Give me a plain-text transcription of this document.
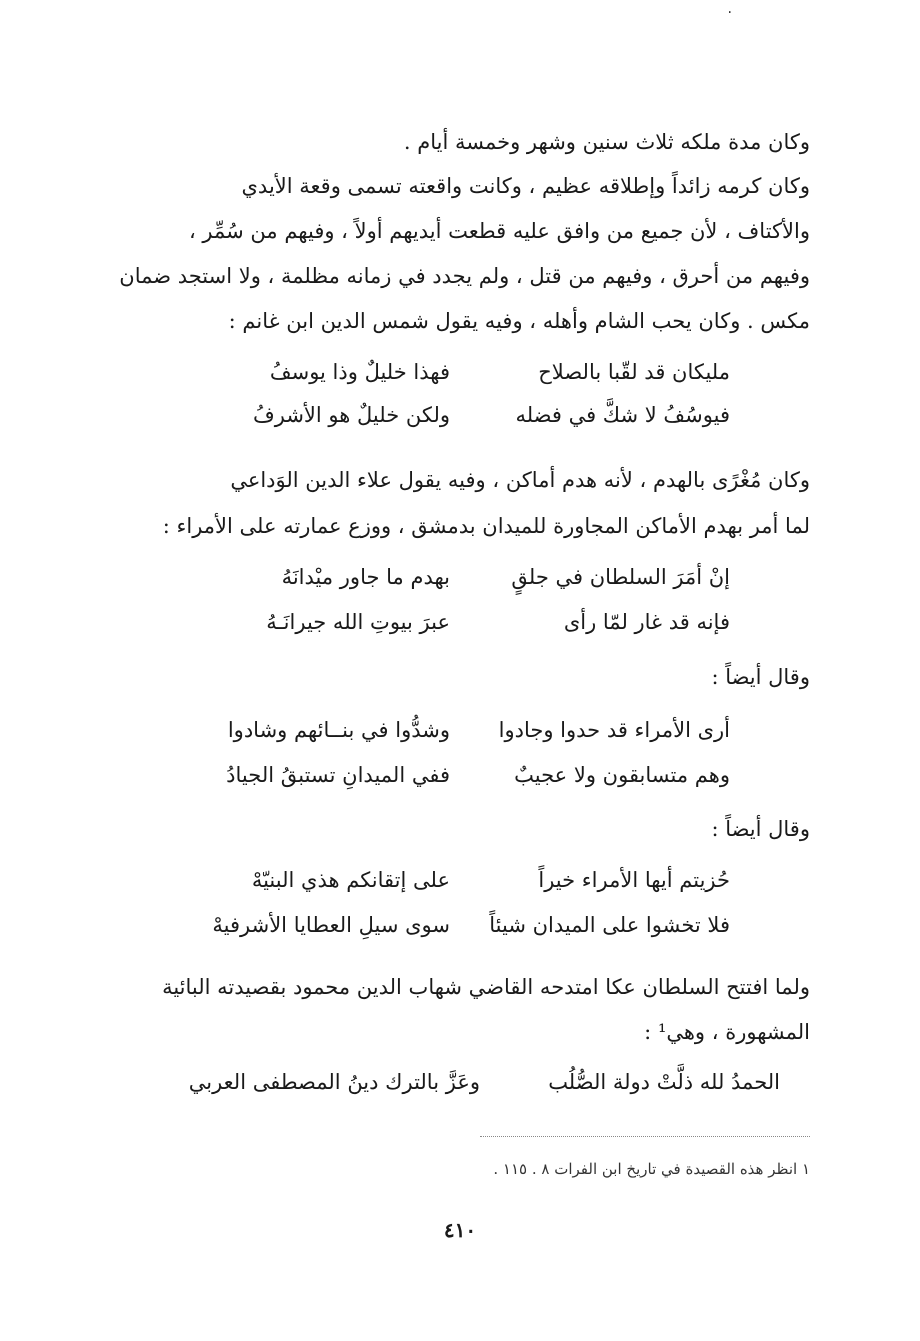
٠
وكان مدة ملكه ثلاث سنين وشهر وخمسة أيام .
وكان كرمه زائداً وإطلاقه عظيم ، وكانت واقعته تسمى وقعة الأيدي
والأكتاف ، لأن جميع من وافق عليه قطعت أيديهم أولاً ، وفيهم من سُمِّر ،
وفيهم من أحرق ، وفيهم من قتل ، ولم يجدد في زمانه مظلمة ، ولا استجد ضمان
مكس . وكان يحب الشام وأهله ، وفيه يقول شمس الدين ابن غانم :
مليكان قد لقّبا بالصلاح
فهذا خليلٌ وذا يوسفُ
فيوسُفُ لا شكَّ في فضله
ولكن خليلٌ هو الأشرفُ
وكان مُغْرًى بالهدم ، لأنه هدم أماكن ، وفيه يقول علاء الدين الوَداعي
لما أمر بهدم الأماكن المجاورة للميدان بدمشق ، ووزع عمارته على الأمراء :
إنْ أمَرَ السلطان في جلقٍ
بهدم ما جاور ميْدانَهُ
فإنه قد غار لمّا رأى
عبرَ بيوتِ الله جيرانَـهُ
وقال أيضاً :
أرى الأمراء قد حدوا وجادوا
وشدُّوا في بنــائهم وشادوا
وهم متسابقون ولا عجيبٌ
ففي الميدانِ تستبقُ الجيادُ
وقال أيضاً :
حُزيتم أيها الأمراء خيراً
على إتقانكم هذي البنيّهْ
فلا تخشوا على الميدان شيئاً
سوى سيلِ العطايا الأشرفيهْ
ولما افتتح السلطان عكا امتدحه القاضي شهاب الدين محمود بقصيدته البائية
المشهورة ، وهي¹ :
الحمدُ لله ذلَّتْ دولة الصُّلُب
وعَزَّ بالترك دينُ المصطفى العربي
١ انظر هذه القصيدة في تاريخ ابن الفرات ٨ . ١١٥ .
٤١٠
